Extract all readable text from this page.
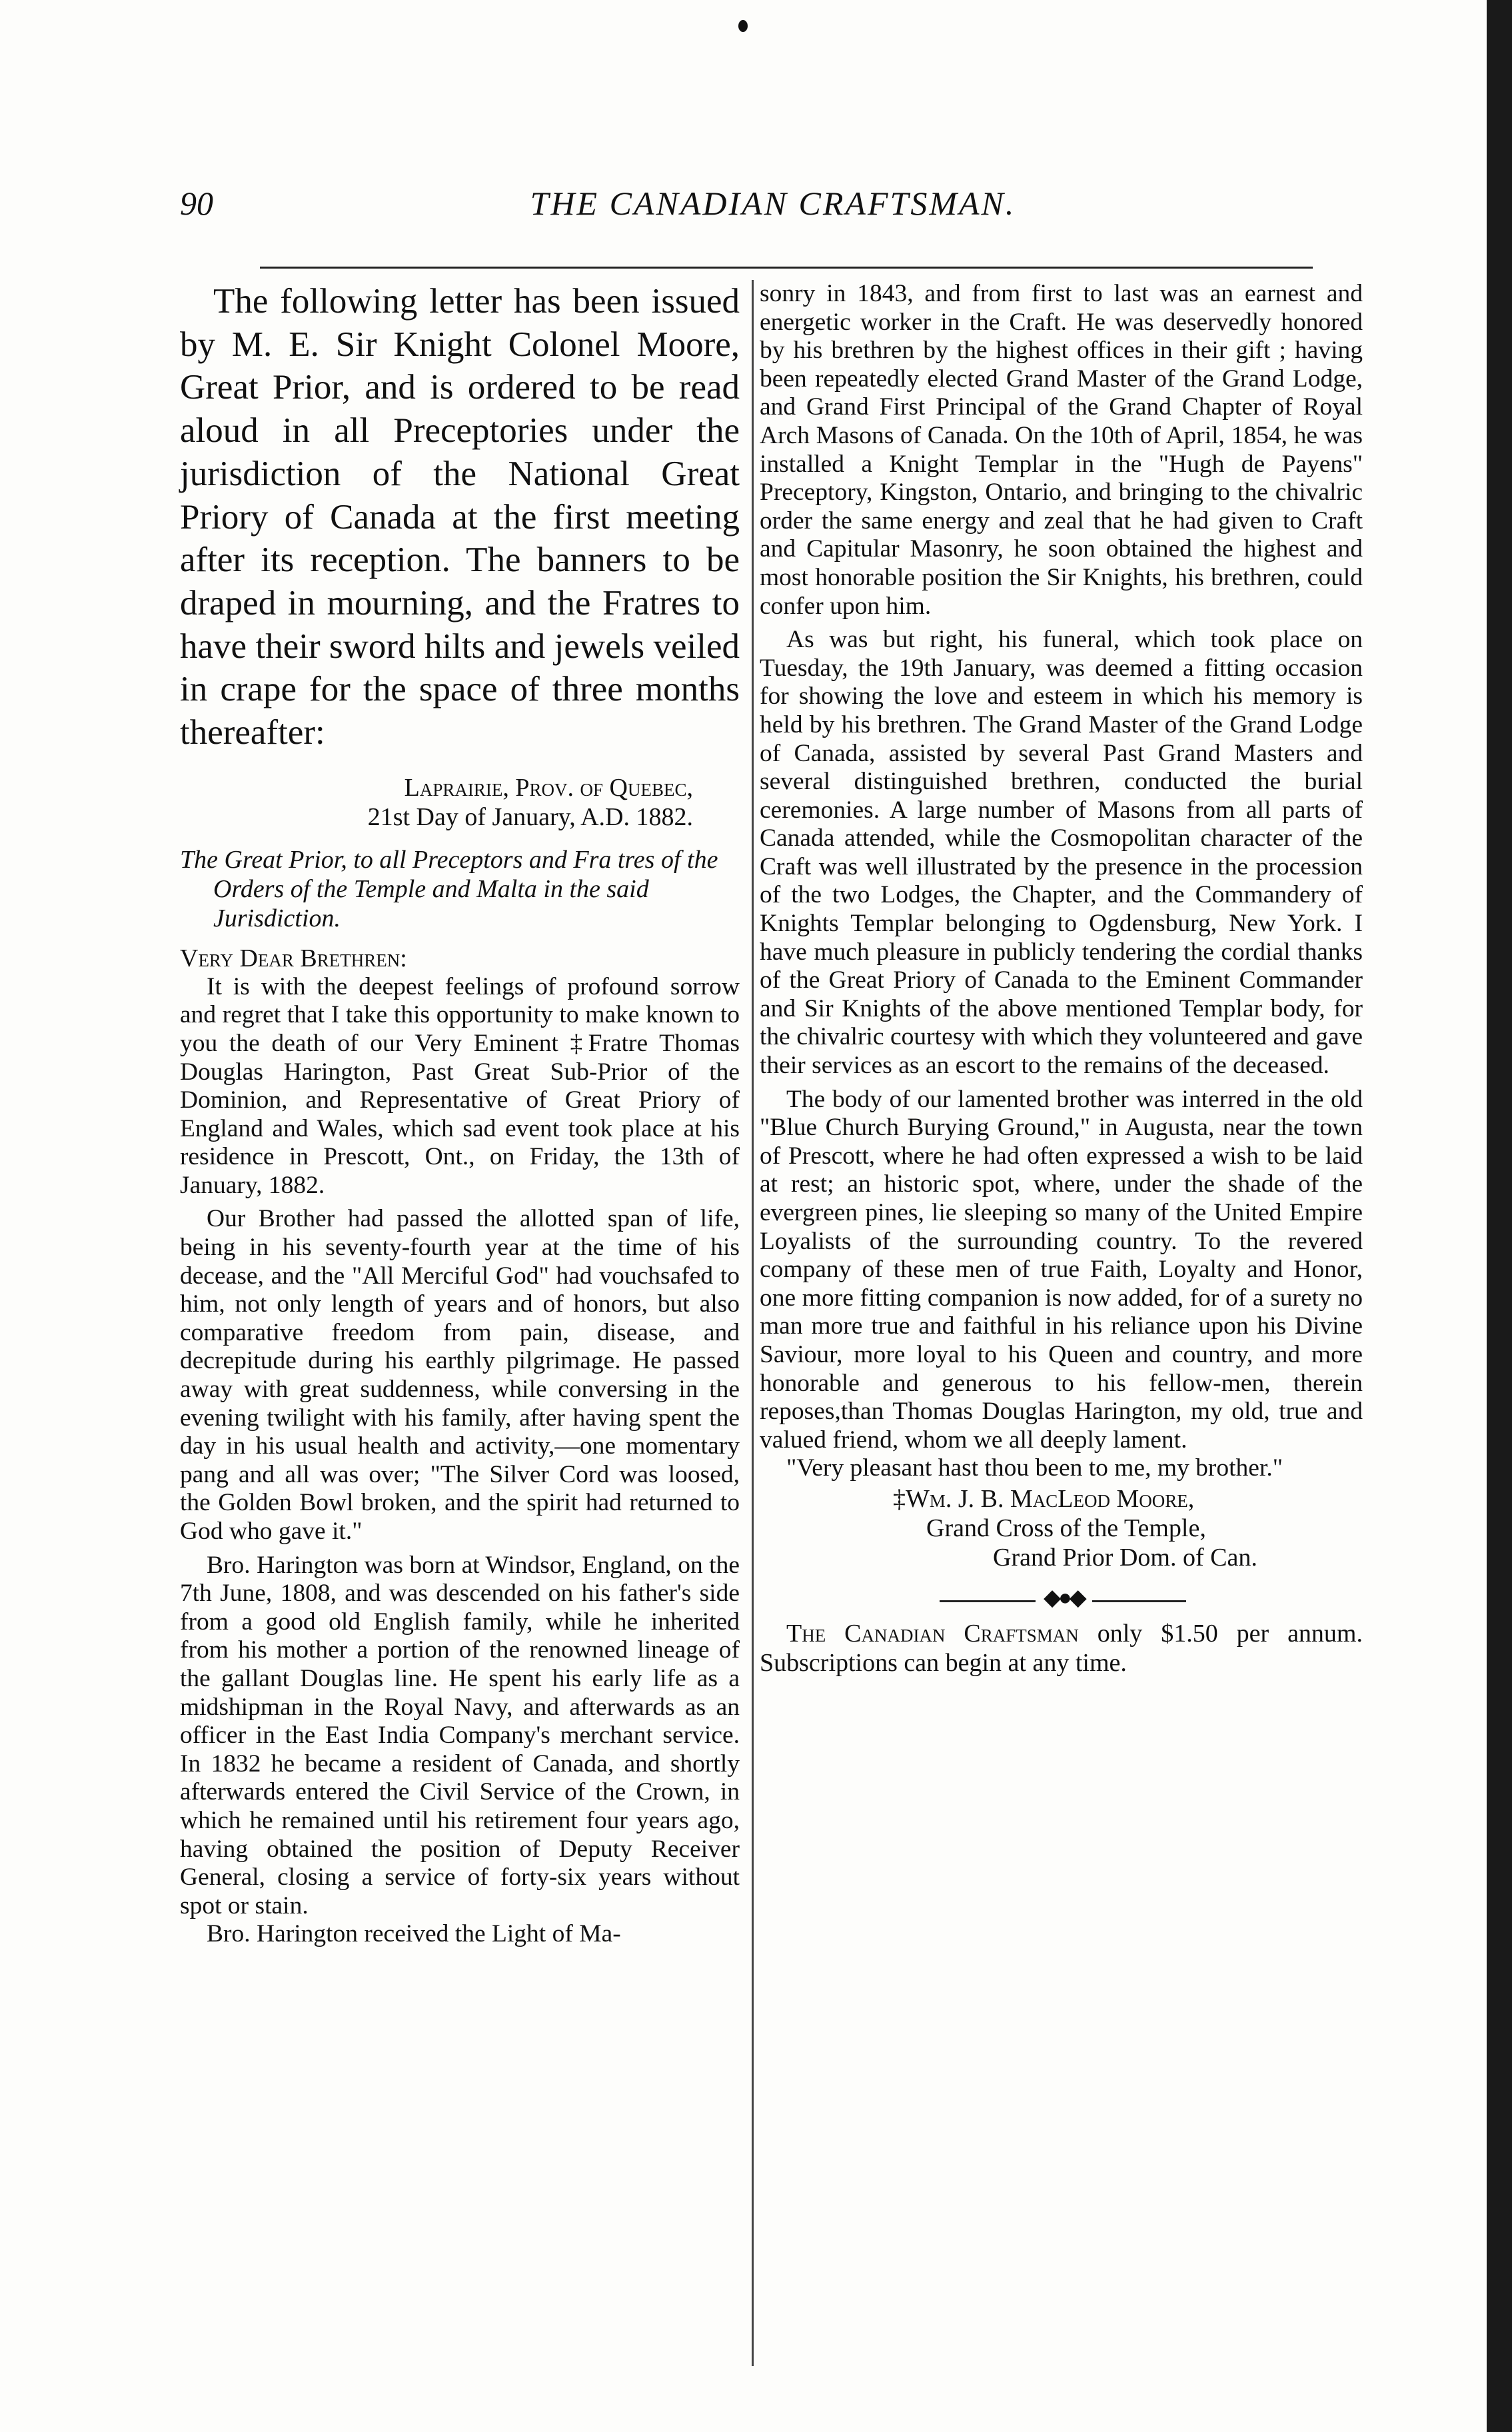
90	THE CANADIAN CRAFTSMAN.

The following letter has been issued by M. E. Sir Knight Colonel Moore, Great Prior, and is ordered to be read aloud in all Preceptories under the jurisdiction of the National Great Priory of Canada at the first meeting after its reception. The banners to be draped in mourning, and the Fratres to have their sword hilts and jewels veiled in crape for the space of three months thereafter:

Laprairie, Prov. of Quebec,
21st Day of January, A.D. 1882.
The Great Prior, to all Preceptors and Fra tres of the Orders of the Temple and Malta in the said Jurisdiction.
Very Dear Brethren:

It is with the deepest feelings of profound sorrow and regret that I take this opportunity to make known to you the death of our Very Eminent ‡Fratre Thomas Douglas Harington, Past Great Sub-Prior of the Dominion, and Representative of Great Priory of England and Wales, which sad event took place at his residence in Prescott, Ont., on Friday, the 13th of January, 1882.

Our Brother had passed the allotted span of life, being in his seventy-fourth year at the time of his decease, and the "All Merciful God" had vouchsafed to him, not only length of years and of honors, but also comparative freedom from pain, disease, and decrepitude during his earthly pilgrimage. He passed away with great suddenness, while conversing in the evening twilight with his family, after having spent the day in his usual health and activity,—one momentary pang and all was over; "The Silver Cord was loosed, the Golden Bowl broken, and the spirit had returned to God who gave it."

Bro. Harington was born at Windsor, England, on the 7th June, 1808, and was descended on his father's side from a good old English family, while he inherited from his mother a portion of the renowned lineage of the gallant Douglas line. He spent his early life as a midshipman in the Royal Navy, and afterwards as an officer in the East India Company's merchant service. In 1832 he became a resident of Canada, and shortly afterwards entered the Civil Service of the Crown, in which he remained until his retirement four years ago, having obtained the position of Deputy Receiver General, closing a service of forty-six years without spot or stain.

Bro. Harington received the Light of Ma-

sonry in 1843, and from first to last was an earnest and energetic worker in the Craft. He was deservedly honored by his brethren by the highest offices in their gift ; having been repeatedly elected Grand Master of the Grand Lodge, and Grand First Principal of the Grand Chapter of Royal Arch Masons of Canada. On the 10th of April, 1854, he was installed a Knight Templar in the "Hugh de Payens" Preceptory, Kingston, Ontario, and bringing to the chivalric order the same energy and zeal that he had given to Craft and Capitular Masonry, he soon obtained the highest and most honorable position the Sir Knights, his brethren, could confer upon him.

As was but right, his funeral, which took place on Tuesday, the 19th January, was deemed a fitting occasion for showing the love and esteem in which his memory is held by his brethren. The Grand Master of the Grand Lodge of Canada, assisted by several Past Grand Masters and several distinguished brethren, conducted the burial ceremonies. A large number of Masons from all parts of Canada attended, while the Cosmopolitan character of the Craft was well illustrated by the presence in the procession of the two Lodges, the Chapter, and the Commandery of Knights Templar belonging to Ogdensburg, New York. I have much pleasure in publicly tendering the cordial thanks of the Great Priory of Canada to the Eminent Commander and Sir Knights of the above mentioned Templar body, for the chivalric courtesy with which they volunteered and gave their services as an escort to the remains of the deceased.

The body of our lamented brother was interred in the old "Blue Church Burying Ground," in Augusta, near the town of Prescott, where he had often expressed a wish to be laid at rest; an historic spot, where, under the shade of the evergreen pines, lie sleeping so many of the United Empire Loyalists of the surrounding country. To the revered company of these men of true Faith, Loyalty and Honor, one more fitting companion is now added, for of a surety no man more true and faithful in his reliance upon his Divine Saviour, more loyal to his Queen and country, and more honorable and generous to his fellow-men, therein reposes,than Thomas Douglas Harington, my old, true and valued friend, whom we all deeply lament.

"Very pleasant hast thou been to me, my brother."

‡Wm. J. B. MacLeod Moore,
Grand Cross of the Temple,
Grand Prior Dom. of Can.
◆●◆
The Canadian Craftsman only $1.50 per annum. Subscriptions can begin at any time.
